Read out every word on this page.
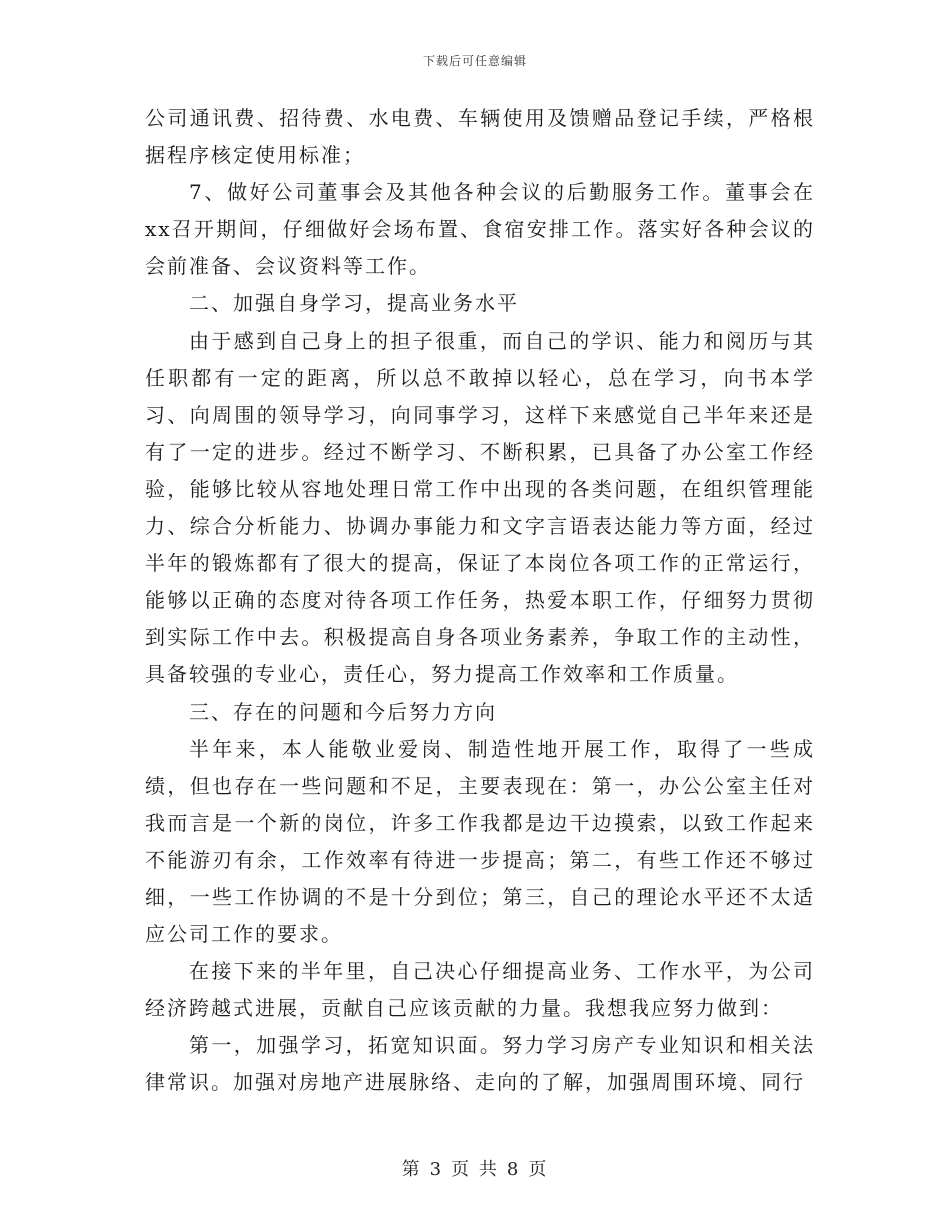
下载后可任意编辑

公司通讯费、招待费、水电费、车辆使用及馈赠品登记手续，严格根据程序核定使用标准；

7、做好公司董事会及其他各种会议的后勤服务工作。董事会在xx召开期间，仔细做好会场布置、食宿安排工作。落实好各种会议的会前准备、会议资料等工作。

二、加强自身学习，提高业务水平

由于感到自己身上的担子很重，而自己的学识、能力和阅历与其任职都有一定的距离，所以总不敢掉以轻心，总在学习，向书本学习、向周围的领导学习，向同事学习，这样下来感觉自己半年来还是有了一定的进步。经过不断学习、不断积累，已具备了办公室工作经验，能够比较从容地处理日常工作中出现的各类问题，在组织管理能力、综合分析能力、协调办事能力和文字言语表达能力等方面，经过半年的锻炼都有了很大的提高，保证了本岗位各项工作的正常运行，能够以正确的态度对待各项工作任务，热爱本职工作，仔细努力贯彻到实际工作中去。积极提高自身各项业务素养，争取工作的主动性，具备较强的专业心，责任心，努力提高工作效率和工作质量。

三、存在的问题和今后努力方向

半年来，本人能敬业爱岗、制造性地开展工作，取得了一些成绩，但也存在一些问题和不足，主要表现在：第一，办公公室主任对我而言是一个新的岗位，许多工作我都是边干边摸索，以致工作起来不能游刃有余，工作效率有待进一步提高；第二，有些工作还不够过细，一些工作协调的不是十分到位；第三，自己的理论水平还不太适应公司工作的要求。

在接下来的半年里，自己决心仔细提高业务、工作水平，为公司经济跨越式进展，贡献自己应该贡献的力量。我想我应努力做到：

第一，加强学习，拓宽知识面。努力学习房产专业知识和相关法律常识。加强对房地产进展脉络、走向的了解，加强周围环境、同行

第 3 页 共 8 页
